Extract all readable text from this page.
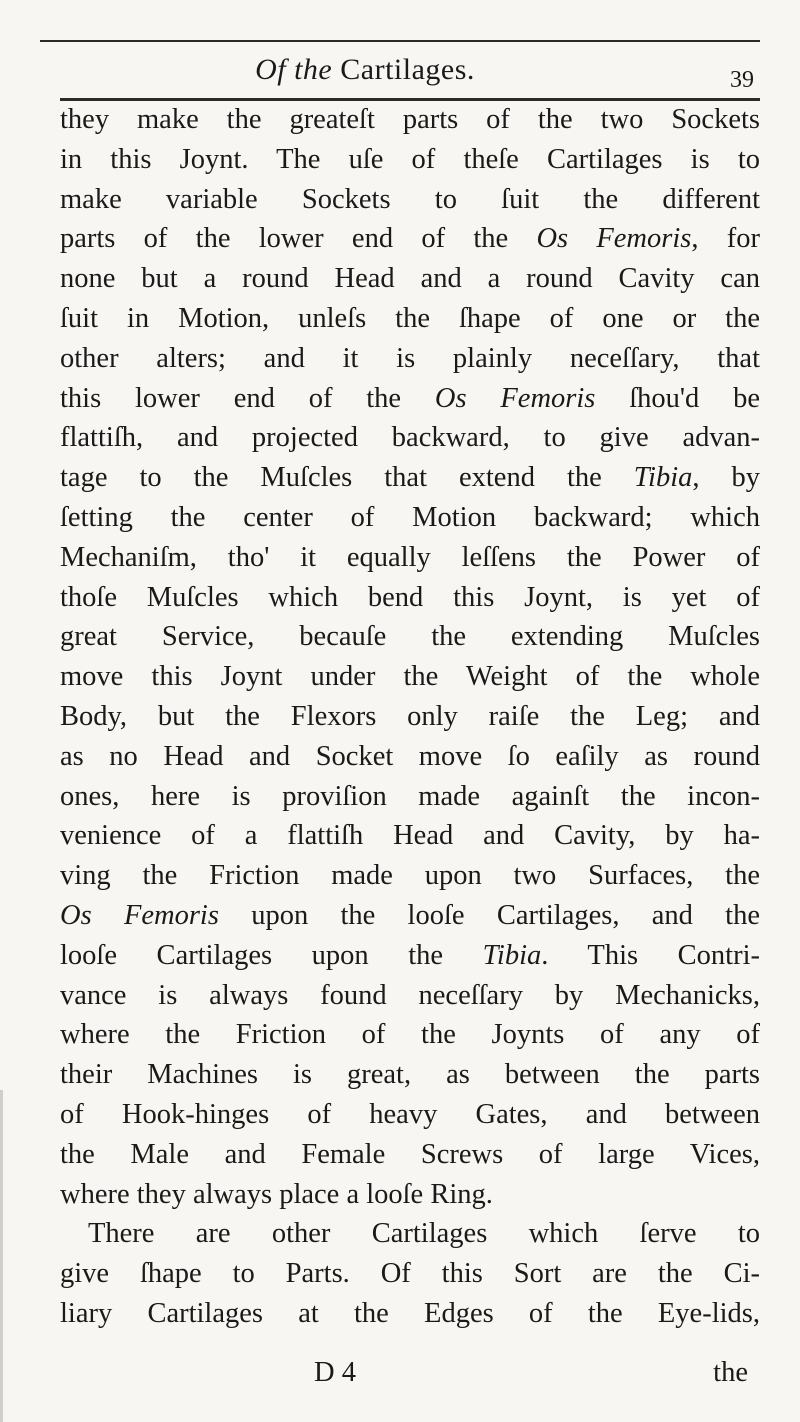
Of the Cartilages.	39
they make the greateſt parts of the two Sockets
in this Joynt. The uſe of theſe Cartilages is to
make variable Sockets to ſuit the different
parts of the lower end of the Os Femoris, for
none but a round Head and a round Cavity can
ſuit in Motion, unleſs the ſhape of one or the
other alters; and it is plainly neceſſary, that
this lower end of the Os Femoris ſhou'd be
flattiſh, and projected backward, to give advan-
tage to the Muſcles that extend the Tibia, by
ſetting the center of Motion backward; which
Mechaniſm, tho' it equally leſſens the Power of
thoſe Muſcles which bend this Joynt, is yet of
great Service, becauſe the extending Muſcles
move this Joynt under the Weight of the whole
Body, but the Flexors only raiſe the Leg; and
as no Head and Socket move ſo eaſily as round
ones, here is proviſion made againſt the incon-
venience of a flattiſh Head and Cavity, by ha-
ving the Friction made upon two Surfaces, the
Os Femoris upon the looſe Cartilages, and the
looſe Cartilages upon the Tibia. This Contri-
vance is always found neceſſary by Mechanicks,
where the Friction of the Joynts of any of
their Machines is great, as between the parts
of Hook-hinges of heavy Gates, and between
the Male and Female Screws of large Vices,
where they always place a looſe Ring.
There are other Cartilages which ſerve to
give ſhape to Parts. Of this Sort are the Ci-
liary Cartilages at the Edges of the Eye-lids,
D 4	the
